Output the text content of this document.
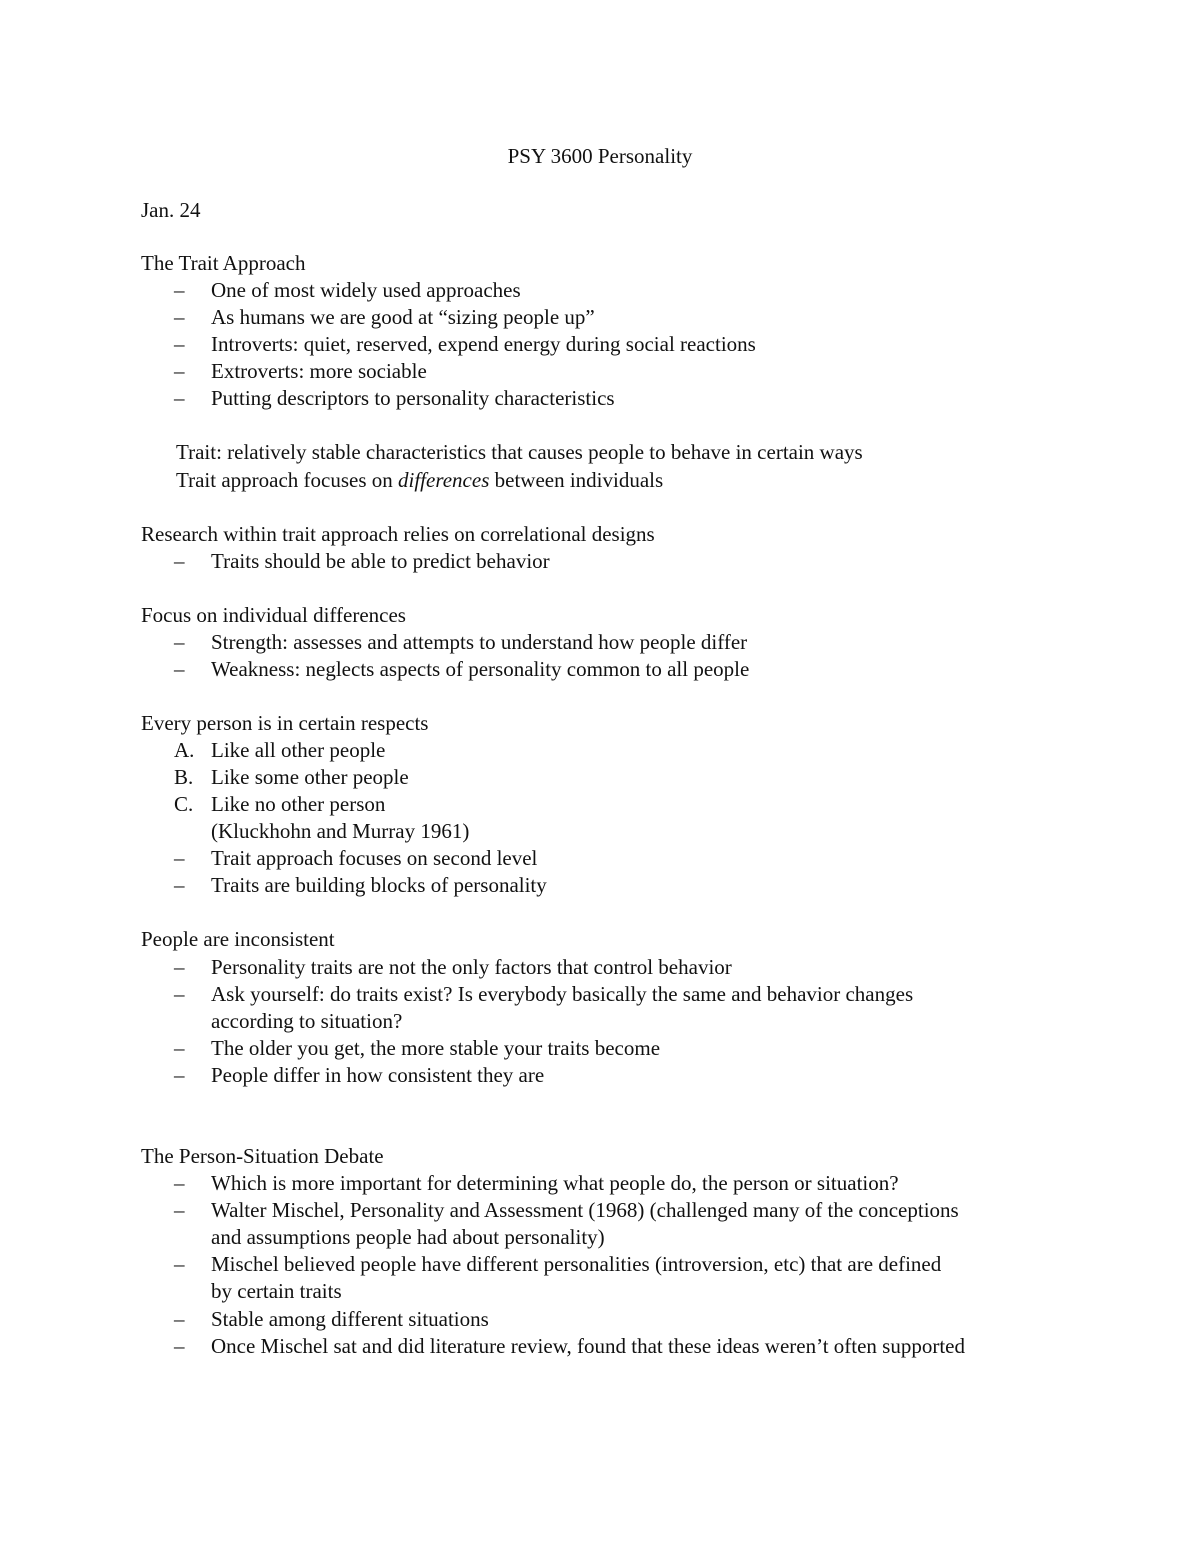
PSY 3600 Personality
Jan. 24
The Trait Approach
– One of most widely used approaches
– As humans we are good at “sizing people up”
– Introverts: quiet, reserved, expend energy during social reactions
– Extroverts: more sociable
– Putting descriptors to personality characteristics
Trait: relatively stable characteristics that causes people to behave in certain ways
Trait approach focuses on differences between individuals
Research within trait approach relies on correlational designs
– Traits should be able to predict behavior
Focus on individual differences
– Strength: assesses and attempts to understand how people differ
– Weakness: neglects aspects of personality common to all people
Every person is in certain respects
A. Like all other people
B. Like some other people
C. Like no other person
(Kluckhohn and Murray 1961)
– Trait approach focuses on second level
– Traits are building blocks of personality
People are inconsistent
– Personality traits are not the only factors that control behavior
– Ask yourself: do traits exist? Is everybody basically the same and behavior changes
according to situation?
– The older you get, the more stable your traits become
– People differ in how consistent they are
The Person-Situation Debate
– Which is more important for determining what people do, the person or situation?
– Walter Mischel, Personality and Assessment (1968) (challenged many of the conceptions
and assumptions people had about personality)
– Mischel believed people have different personalities (introversion, etc) that are defined
by certain traits
– Stable among different situations
– Once Mischel sat and did literature review, found that these ideas weren’t often supported
